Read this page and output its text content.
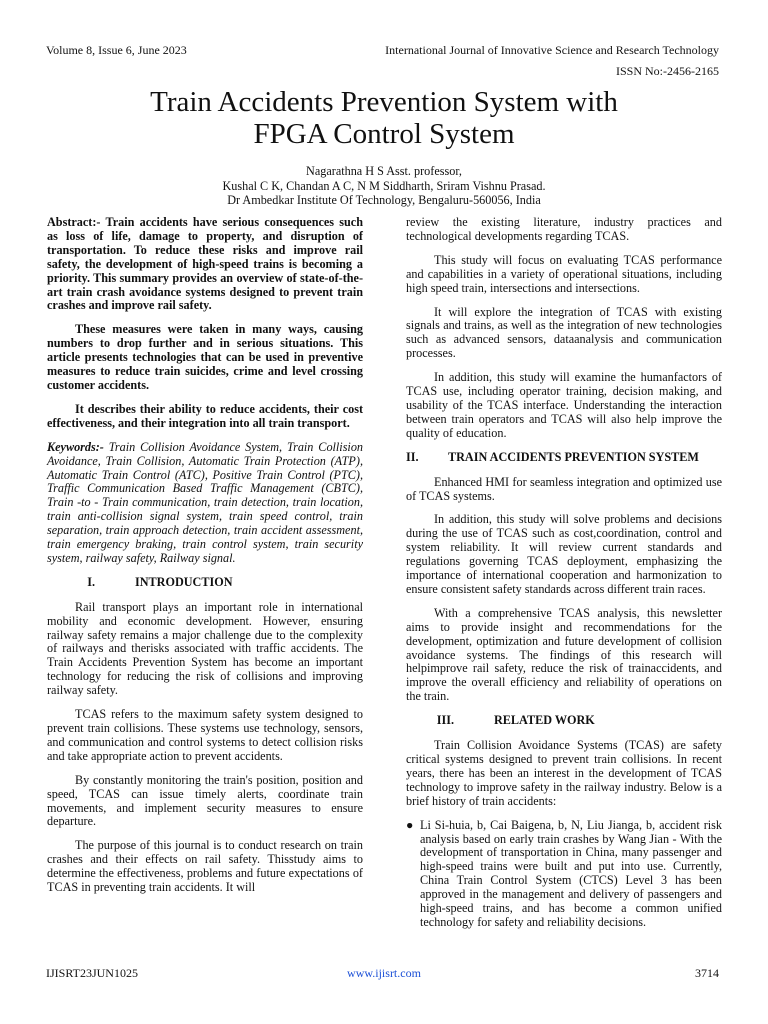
Volume 8, Issue 6, June 2023	International Journal of Innovative Science and Research Technology
ISSN No:-2456-2165
Train Accidents Prevention System with
FPGA Control System
Nagarathna H S Asst. professor,
Kushal C K, Chandan A C, N M Siddharth, Sriram Vishnu Prasad.
Dr Ambedkar Institute Of Technology, Bengaluru-560056, India

Abstract:- Train accidents have serious consequences such as loss of life, damage to property, and disruption of transportation. To reduce these risks and improve rail safety, the development of high-speed trains is becoming a priority. This summary provides an overview of state-of-the-art train crash avoidance systems designed to prevent train crashes and improve rail safety.

These measures were taken in many ways, causing numbers to drop further and in serious situations. This article presents technologies that can be used in preventive measures to reduce train suicides, crime and level crossing customer accidents.

It describes their ability to reduce accidents, their cost effectiveness, and their integration into all train transport.

Keywords:- Train Collision Avoidance System, Train Collision Avoidance, Train Collision, Automatic Train Protection (ATP), Automatic Train Control (ATC), Positive Train Control (PTC), Traffic Communication Based Traffic Management (CBTC), Train -to - Train communication, train detection, train location, train anti-collision signal system, train speed control, train separation, train approach detection, train accident assessment, train emergency braking, train control system, train security system, railway safety, Railway signal.

I.	INTRODUCTION

Rail transport plays an important role in international mobility and economic development. However, ensuring railway safety remains a major challenge due to the complexity of railways and therisks associated with traffic accidents. The Train Accidents Prevention System has become an important technology for reducing the risk of collisions and improving railway safety.

TCAS refers to the maximum safety system designed to prevent train collisions. These systems use technology, sensors, and communication and control systems to detect collision risks and take appropriate action to prevent accidents.

By constantly monitoring the train's position, position and speed, TCAS can issue timely alerts, coordinate train movements, and implement security measures to ensure departure.

The purpose of this journal is to conduct research on train crashes and their effects on rail safety. Thisstudy aims to determine the effectiveness, problems and future expectations of TCAS in preventing train accidents. It will

review the existing literature, industry practices and technological developments regarding TCAS.

This study will focus on evaluating TCAS performance and capabilities in a variety of operational situations, including high speed train, intersections and intersections.

It will explore the integration of TCAS with existing signals and trains, as well as the integration of new technologies such as advanced sensors, dataanalysis and communication processes.

In addition, this study will examine the humanfactors of TCAS use, including operator training, decision making, and usability of the TCAS interface. Understanding the interaction between train operators and TCAS will also help improve the quality of education.

II.	TRAIN ACCIDENTS PREVENTION SYSTEM

Enhanced HMI for seamless integration and optimized use of TCAS systems.

In addition, this study will solve problems and decisions during the use of TCAS such as cost,coordination, control and system reliability. It will review current standards and regulations governing TCAS deployment, emphasizing the importance of international cooperation and harmonization to ensure consistent safety standards across different train races.

With a comprehensive TCAS analysis, this newsletter aims to provide insight and recommendations for the development, optimization and future development of collision avoidance systems. The findings of this research will helpimprove rail safety, reduce the risk of trainaccidents, and improve the overall efficiency and reliability of operations on the train.

III.	RELATED WORK

Train Collision Avoidance Systems (TCAS) are safety critical systems designed to prevent train collisions. In recent years, there has been an interest in the development of TCAS technology to improve safety in the railway industry. Below is a brief history of train accidents:

● Li Si-huia, b, Cai Baigena, b, N, Liu Jianga, b, accident risk analysis based on early train crashes by Wang Jian - With the development of transportation in China, many passenger and high-speed trains were built and put into use. Currently, China Train Control System (CTCS) Level 3 has been approved in the management and delivery of passengers and high-speed trains, and has become a common unified technology for safety and reliability decisions.
IJISRT23JUN1025	www.ijisrt.com	3714
